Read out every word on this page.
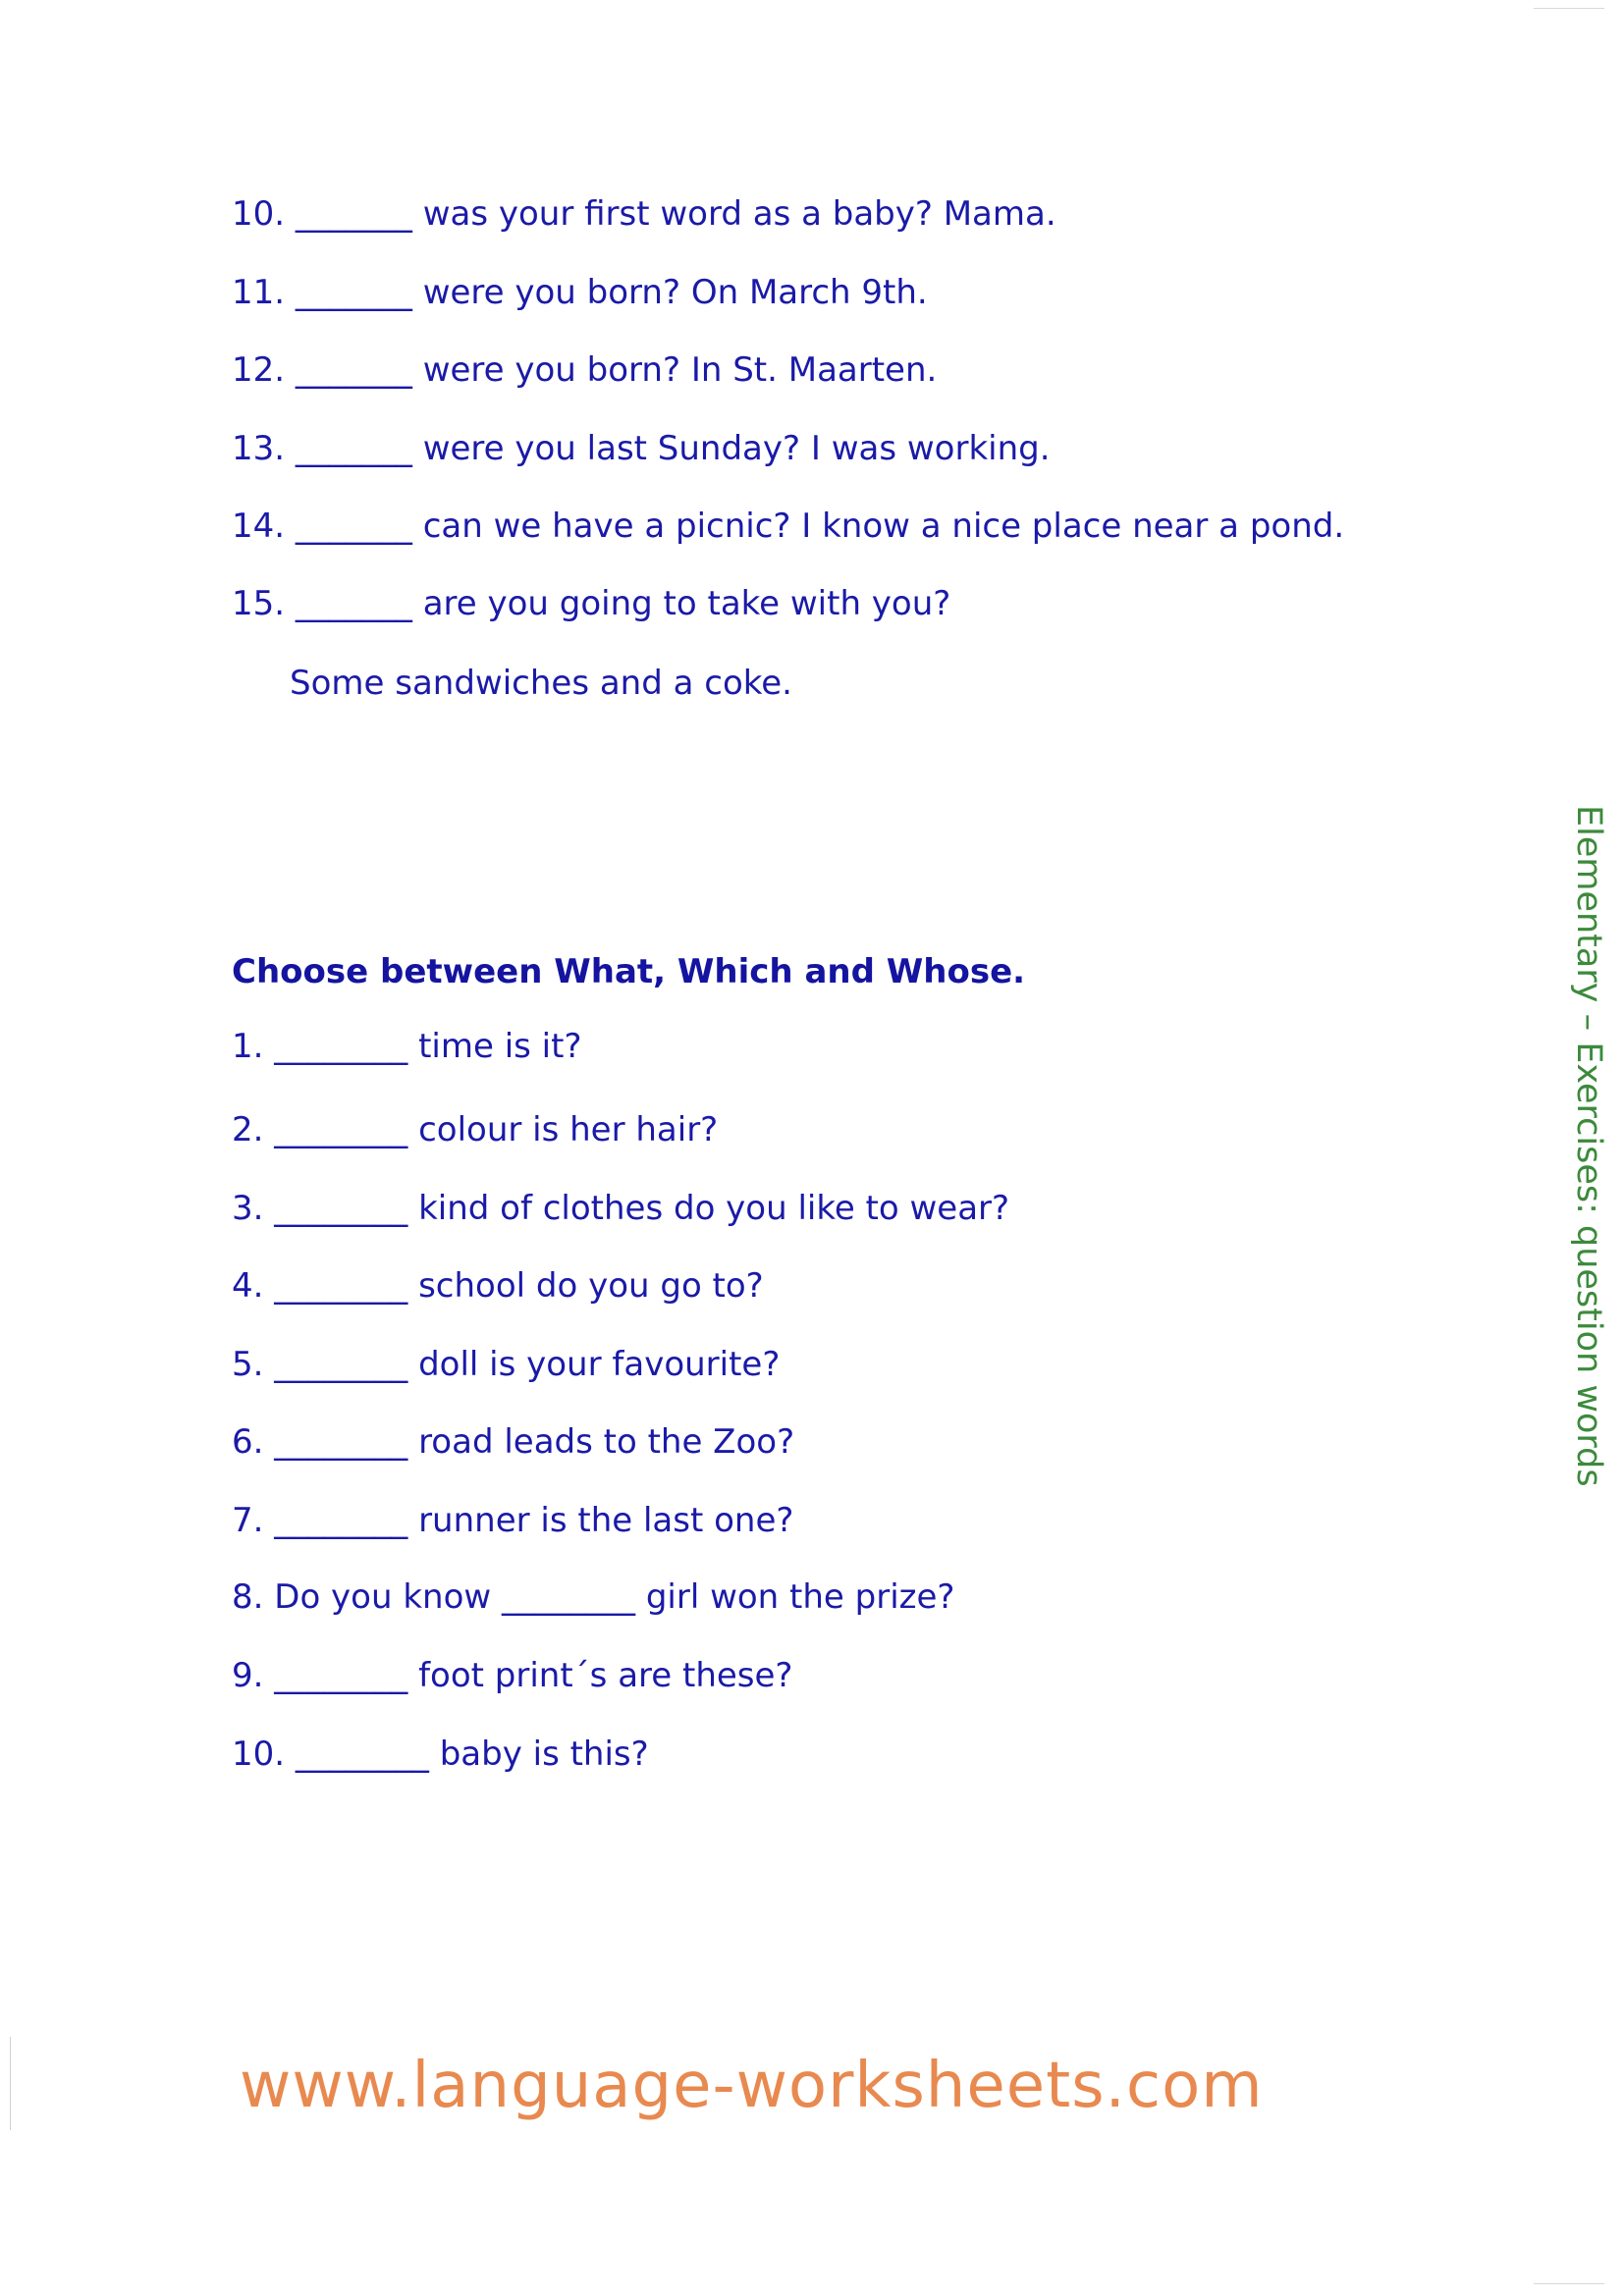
10. _______ was your first word as a baby? Mama.
11. _______ were you born? On March 9th.
12. _______ were you born? In St. Maarten.
13. _______ were you last Sunday? I was working.
14. _______ can we have a picnic? I know a nice place near a pond.
15. _______ are you going to take with you?
Some sandwiches and a coke.
Choose between What, Which and Whose.
1. ________ time is it?
2. ________ colour is her hair?
3. ________ kind of clothes do you like to wear?
4. ________ school do you go to?
5. ________ doll is your favourite?
6. ________ road leads to the Zoo?
7. ________ runner is the last one?
8. Do you know ________ girl won the prize?
9. ________ foot print´s are these?
10. ________ baby is this?
Elementary – Exercises: question words
www.language-worksheets.com
